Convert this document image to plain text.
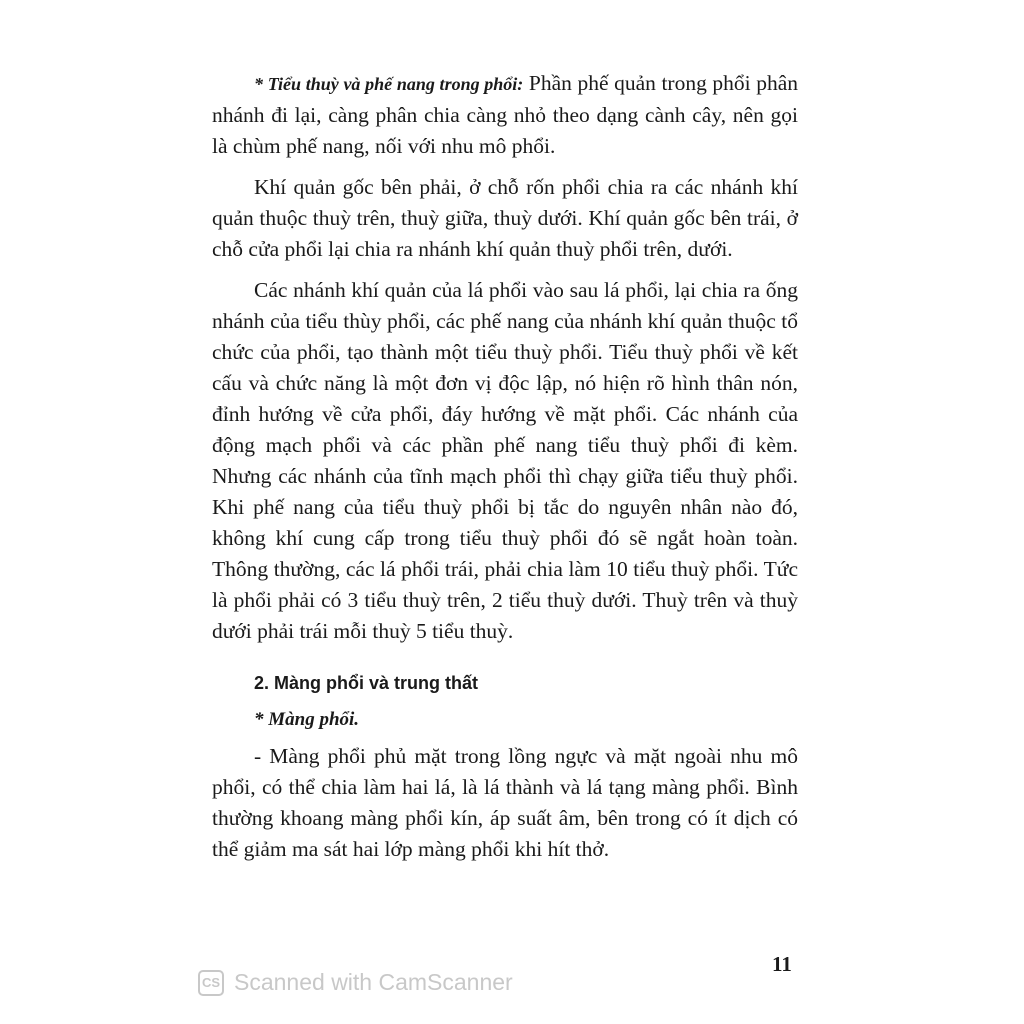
* Tiểu thuỳ và phế nang trong phổi: Phần phế quản trong phổi phân nhánh đi lại, càng phân chia càng nhỏ theo dạng cành cây, nên gọi là chùm phế nang, nối với nhu mô phổi.

Khí quản gốc bên phải, ở chỗ rốn phổi chia ra các nhánh khí quản thuộc thuỳ trên, thuỳ giữa, thuỳ dưới. Khí quản gốc bên trái, ở chỗ cửa phổi lại chia ra nhánh khí quản thuỳ phổi trên, dưới.

Các nhánh khí quản của lá phổi vào sau lá phổi, lại chia ra ống nhánh của tiểu thùy phổi, các phế nang của nhánh khí quản thuộc tổ chức của phổi, tạo thành một tiểu thuỳ phổi. Tiểu thuỳ phổi về kết cấu và chức năng là một đơn vị độc lập, nó hiện rõ hình thân nón, đỉnh hướng về cửa phổi, đáy hướng về mặt phổi. Các nhánh của động mạch phổi và các phần phế nang tiểu thuỳ phổi đi kèm. Nhưng các nhánh của tĩnh mạch phổi thì chạy giữa tiểu thuỳ phổi. Khi phế nang của tiểu thuỳ phổi bị tắc do nguyên nhân nào đó, không khí cung cấp trong tiểu thuỳ phổi đó sẽ ngắt hoàn toàn. Thông thường, các lá phổi trái, phải chia làm 10 tiểu thuỳ phổi. Tức là phổi phải có 3 tiểu thuỳ trên, 2 tiểu thuỳ dưới. Thuỳ trên và thuỳ dưới phải trái mỗi thuỳ 5 tiểu thuỳ.

2. Màng phổi và trung thất
* Màng phổi.

- Màng phổi phủ mặt trong lồng ngực và mặt ngoài nhu mô phổi, có thể chia làm hai lá, là lá thành và lá tạng màng phổi. Bình thường khoang màng phổi kín, áp suất âm, bên trong có ít dịch có thể giảm ma sát hai lớp màng phổi khi hít thở.

11
CS Scanned with CamScanner
